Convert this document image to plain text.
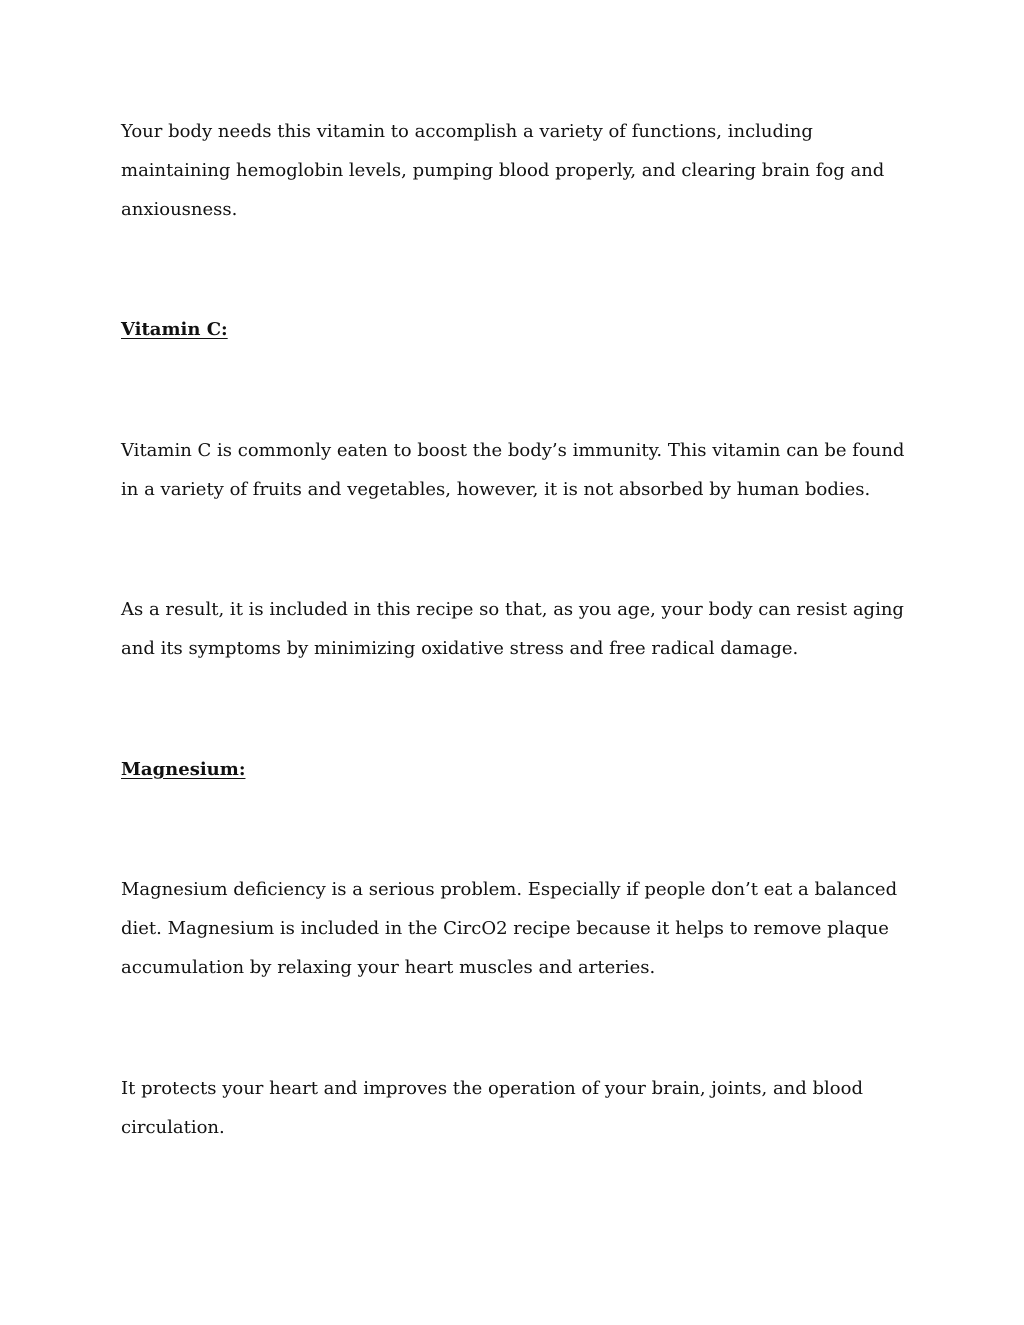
Your body needs this vitamin to accomplish a variety of functions, including maintaining hemoglobin levels, pumping blood properly, and clearing brain fog and anxiousness.

Vitamin C:

Vitamin C is commonly eaten to boost the body’s immunity. This vitamin can be found in a variety of fruits and vegetables, however, it is not absorbed by human bodies.

As a result, it is included in this recipe so that, as you age, your body can resist aging and its symptoms by minimizing oxidative stress and free radical damage.

Magnesium:

Magnesium deficiency is a serious problem. Especially if people don’t eat a balanced diet. Magnesium is included in the CircO2 recipe because it helps to remove plaque accumulation by relaxing your heart muscles and arteries.

It protects your heart and improves the operation of your brain, joints, and blood circulation.
